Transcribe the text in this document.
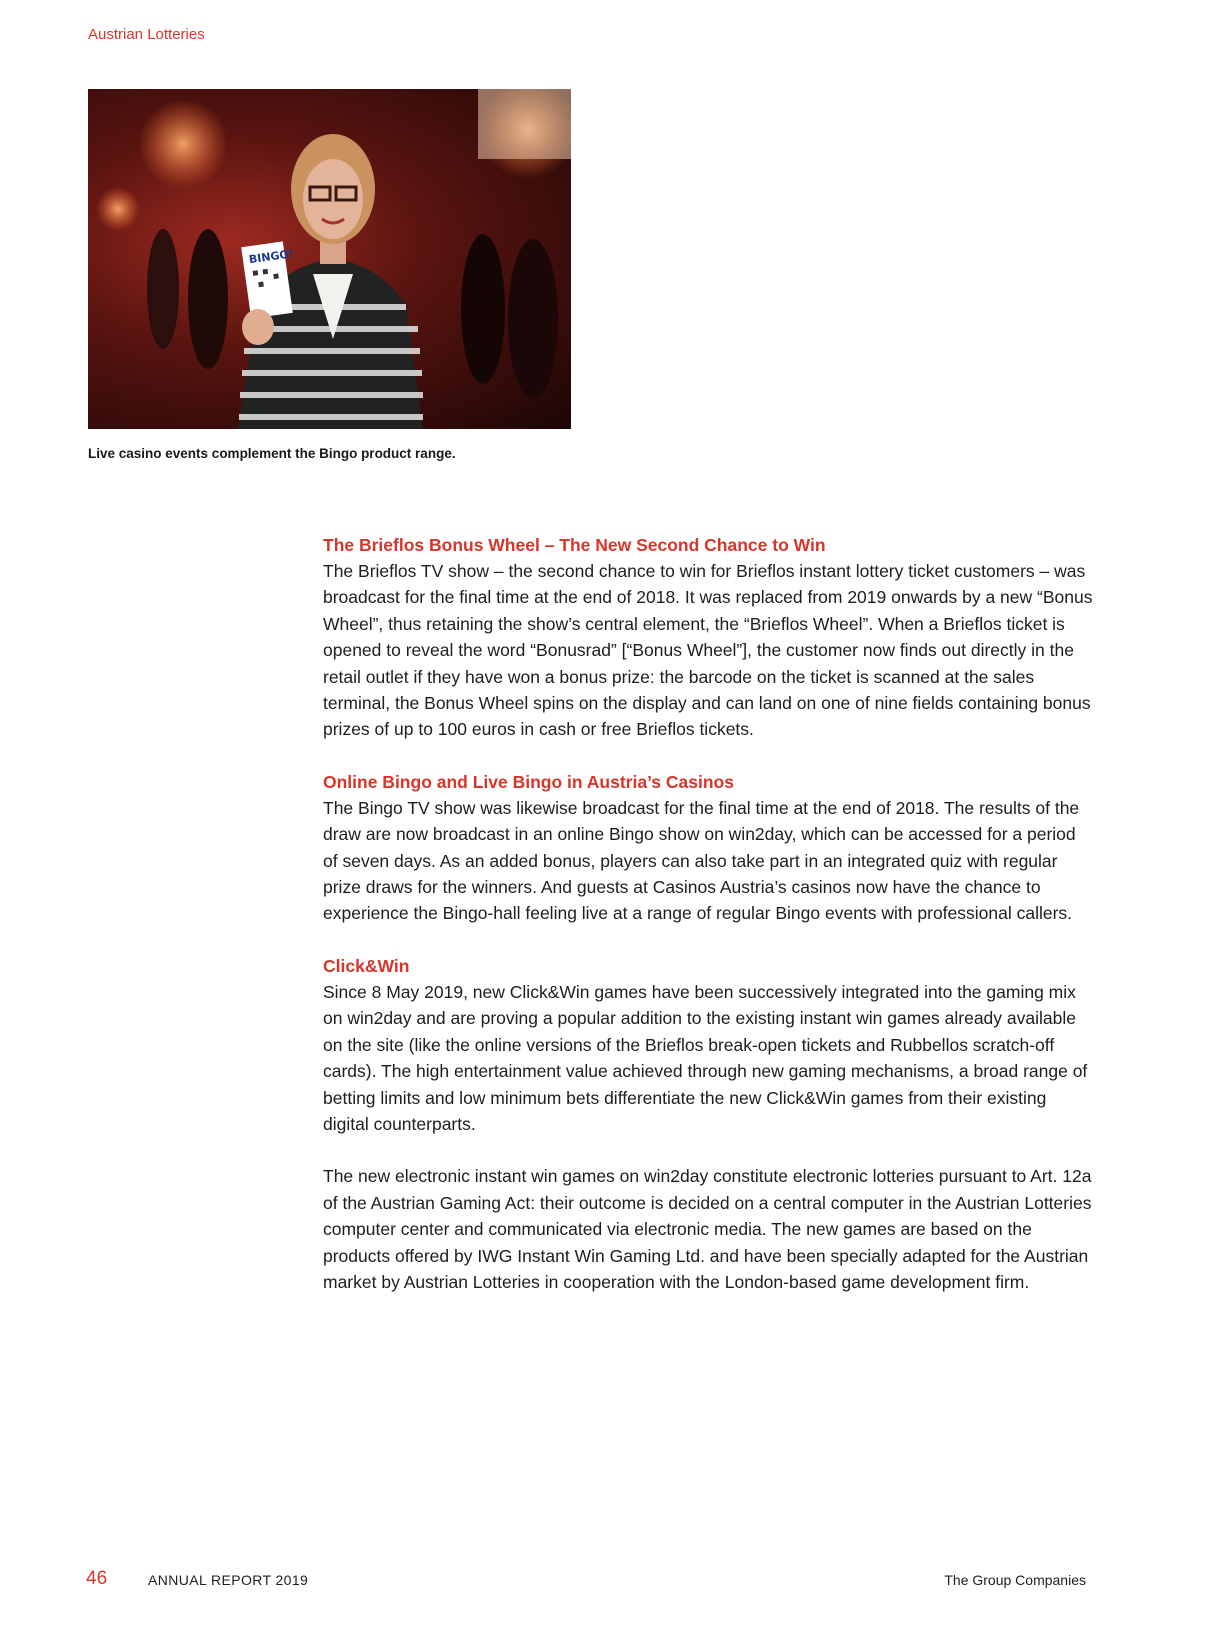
Austrian Lotteries
BINGO!
Live casino events complement the Bingo product range.
The Brieflos Bonus Wheel – The New Second Chance to Win

The Brieflos TV show – the second chance to win for Brieflos instant lottery ticket customers – was broadcast for the final time at the end of 2018. It was replaced from 2019 onwards by a new “Bonus Wheel”, thus retaining the show’s central element, the “Brieflos Wheel”. When a Brieflos ticket is opened to reveal the word “Bonusrad” [“Bonus Wheel”], the customer now finds out directly in the retail outlet if they have won a bonus prize: the barcode on the ticket is scanned at the sales terminal, the Bonus Wheel spins on the display and can land on one of nine fields containing bonus prizes of up to 100 euros in cash or free Brieflos tickets.

Online Bingo and Live Bingo in Austria’s Casinos

The Bingo TV show was likewise broadcast for the final time at the end of 2018. The results of the draw are now broadcast in an online Bingo show on win2day, which can be accessed for a period of seven days. As an added bonus, players can also take part in an integrated quiz with regular prize draws for the winners. And guests at Casinos Austria’s casinos now have the chance to experience the Bingo-hall feeling live at a range of regular Bingo events with professional callers.

Click&Win

Since 8 May 2019, new Click&Win games have been successively integrated into the gaming mix on win2day and are proving a popular addition to the existing instant win games already available on the site (like the online versions of the Brieflos break-open tickets and Rubbellos scratch-off cards). The high entertainment value achieved through new gaming mechanisms, a broad range of betting limits and low minimum bets differentiate the new Click&Win games from their existing digital counterparts.

The new electronic instant win games on win2day constitute electronic lotteries pursuant to Art. 12a of the Austrian Gaming Act: their outcome is decided on a central computer in the Austrian Lotteries computer center and communicated via electronic media. The new games are based on the products offered by IWG Instant Win Gaming Ltd. and have been specially adapted for the Austrian market by Austrian Lotteries in cooperation with the London-based game development firm.

46	ANNUAL REPORT 2019	The Group Companies
